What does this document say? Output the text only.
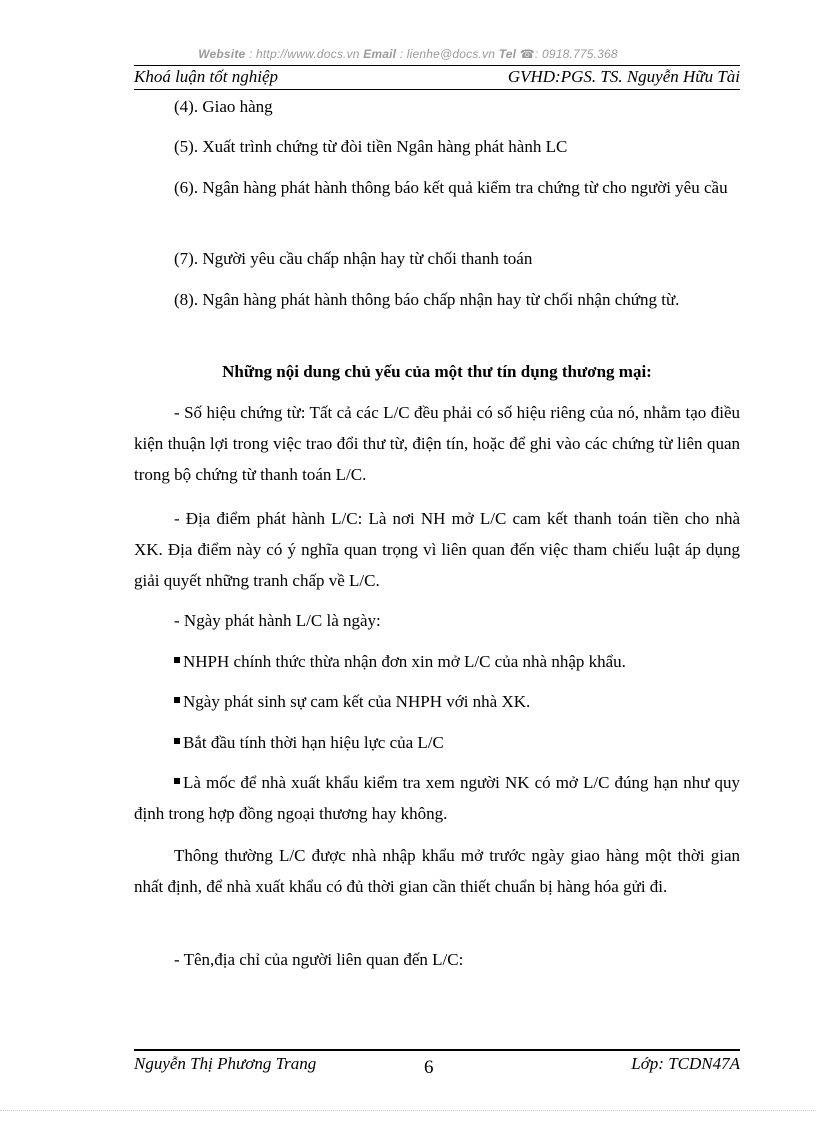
Website : http://www.docs.vn Email : lienhe@docs.vn Tel ☎: 0918.775.368
Khoá luận tốt nghiệp	GVHD:PGS. TS. Nguyễn Hữu Tài

(4). Giao hàng

(5). Xuất trình chứng từ đòi tiền Ngân hàng phát hành LC

(6). Ngân hàng phát hành thông báo kết quả kiểm tra chứng từ cho người yêu cầu

(7). Người yêu cầu chấp nhận hay từ chối thanh toán

(8). Ngân hàng phát hành thông báo chấp nhận hay từ chối nhận chứng từ.

Những nội dung chủ yếu của một thư tín dụng thương mại:

- Số hiệu chứng từ: Tất cả các L/C đều phải có số hiệu riêng của nó, nhằm tạo điều kiện thuận lợi trong việc trao đổi thư từ, điện tín, hoặc để ghi vào các chứng từ liên quan trong bộ chứng từ thanh toán L/C.

- Địa điểm phát hành L/C: Là nơi NH mở L/C cam kết thanh toán tiền cho nhà XK. Địa điểm này có ý nghĩa quan trọng vì liên quan đến việc tham chiếu luật áp dụng giải quyết những tranh chấp về L/C.

- Ngày phát hành L/C là ngày:

NHPH chính thức thừa nhận đơn xin mở L/C của nhà nhập khẩu.

Ngày phát sinh sự cam kết của NHPH với nhà XK.

Bắt đầu tính thời hạn hiệu lực của L/C

Là mốc để nhà xuất khẩu kiểm tra xem người NK có mở L/C đúng hạn như quy định trong hợp đồng ngoại thương hay không.

Thông thường L/C được nhà nhập khẩu mở trước ngày giao hàng một thời gian nhất định, để nhà xuất khẩu có đủ thời gian cần thiết chuẩn bị hàng hóa gửi đi.

- Tên,địa chỉ của người liên quan đến L/C:

Nguyễn Thị Phương Trang	6	Lớp: TCDN47A
